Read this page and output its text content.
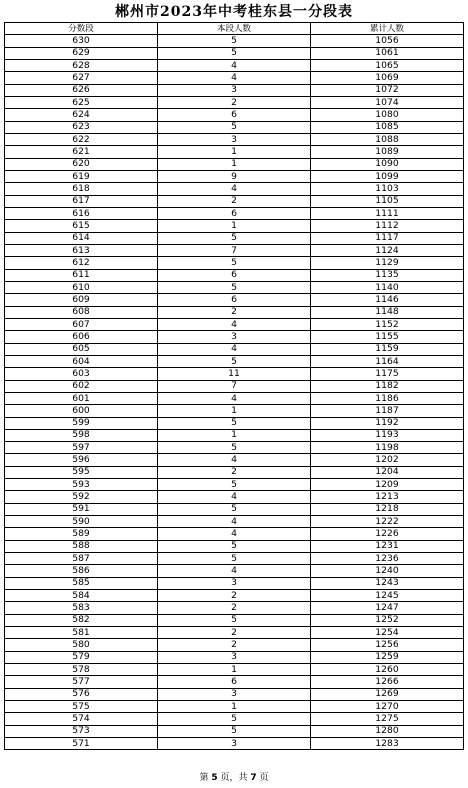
郴州市2023年中考桂东县一分段表
分数段	本段人数	累计人数
630	5	1056
629	5	1061
628	4	1065
627	4	1069
626	3	1072
625	2	1074
624	6	1080
623	5	1085
622	3	1088
621	1	1089
620	1	1090
619	9	1099
618	4	1103
617	2	1105
616	6	1111
615	1	1112
614	5	1117
613	7	1124
612	5	1129
611	6	1135
610	5	1140
609	6	1146
608	2	1148
607	4	1152
606	3	1155
605	4	1159
604	5	1164
603	11	1175
602	7	1182
601	4	1186
600	1	1187
599	5	1192
598	1	1193
597	5	1198
596	4	1202
595	2	1204
593	5	1209
592	4	1213
591	5	1218
590	4	1222
589	4	1226
588	5	1231
587	5	1236
586	4	1240
585	3	1243
584	2	1245
583	2	1247
582	5	1252
581	2	1254
580	2	1256
579	3	1259
578	1	1260
577	6	1266
576	3	1269
575	1	1270
574	5	1275
573	5	1280
571	3	1283
第 5 页，共 7 页
